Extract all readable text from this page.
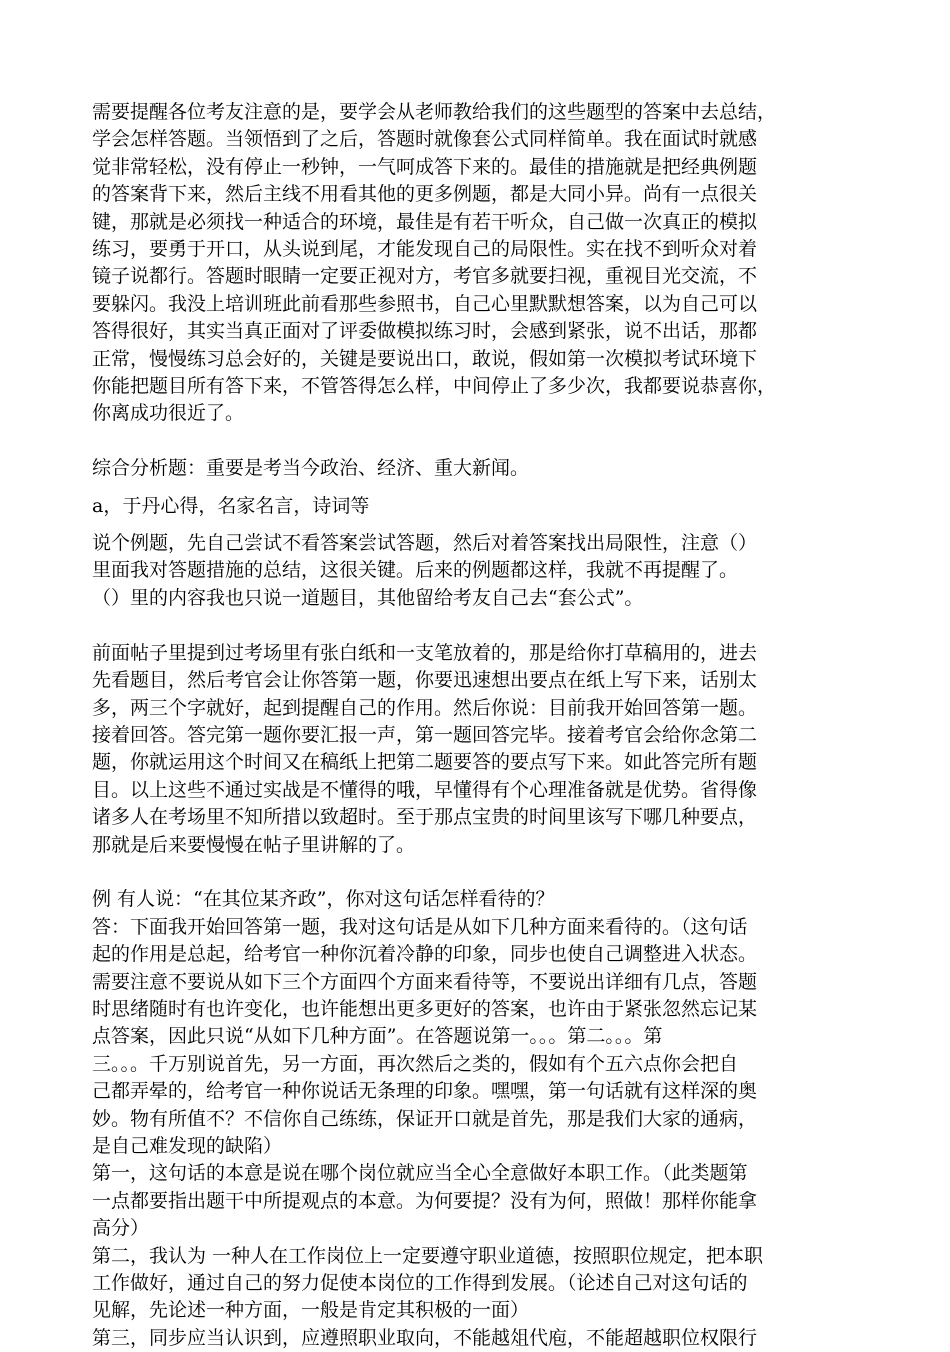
需要提醒各位考友注意的是，要学会从老师教给我们的这些题型的答案中去总结，
学会怎样答题。当领悟到了之后，答题时就像套公式同样简单。我在面试时就感
觉非常轻松，没有停止一秒钟，一气呵成答下来的。最佳的措施就是把经典例题
的答案背下来，然后主线不用看其他的更多例题，都是大同小异。尚有一点很关
键，那就是必须找一种适合的环境，最佳是有若干听众，自己做一次真正的模拟
练习，要勇于开口，从头说到尾，才能发现自己的局限性。实在找不到听众对着
镜子说都行。答题时眼睛一定要正视对方，考官多就要扫视，重视目光交流，不
要躲闪。我没上培训班此前看那些参照书，自己心里默默想答案，以为自己可以
答得很好，其实当真正面对了评委做模拟练习时，会感到紧张，说不出话，那都
正常，慢慢练习总会好的，关键是要说出口，敢说，假如第一次模拟考试环境下
你能把题目所有答下来，不管答得怎么样，中间停止了多少次，我都要说恭喜你，
你离成功很近了。

综合分析题：重要是考当今政治、经济、重大新闻。

a，于丹心得，名家名言，诗词等

说个例题，先自己尝试不看答案尝试答题，然后对着答案找出局限性，注意（）
里面我对答题措施的总结，这很关键。后来的例题都这样，我就不再提醒了。
（）里的内容我也只说一道题目，其他留给考友自己去“套公式”。

前面帖子里提到过考场里有张白纸和一支笔放着的，那是给你打草稿用的，进去
先看题目，然后考官会让你答第一题，你要迅速想出要点在纸上写下来，话别太
多，两三个字就好，起到提醒自己的作用。然后你说：目前我开始回答第一题。
接着回答。答完第一题你要汇报一声，第一题回答完毕。接着考官会给你念第二
题，你就运用这个时间又在稿纸上把第二题要答的要点写下来。如此答完所有题
目。以上这些不通过实战是不懂得的哦，早懂得有个心理准备就是优势。省得像
诸多人在考场里不知所措以致超时。至于那点宝贵的时间里该写下哪几种要点，
那就是后来要慢慢在帖子里讲解的了。

例 有人说：“在其位某齐政”，你对这句话怎样看待的？
答：下面我开始回答第一题，我对这句话是从如下几种方面来看待的。（这句话
起的作用是总起，给考官一种你沉着冷静的印象，同步也使自己调整进入状态。
需要注意不要说从如下三个方面四个方面来看待等，不要说出详细有几点，答题
时思绪随时有也许变化，也许能想出更多更好的答案，也许由于紧张忽然忘记某
点答案，因此只说“从如下几种方面”。在答题说第一。。。第二。。。第
三。。。千万别说首先，另一方面，再次然后之类的，假如有个五六点你会把自
己都弄晕的，给考官一种你说话无条理的印象。嘿嘿，第一句话就有这样深的奥
妙。物有所值不？不信你自己练练，保证开口就是首先，那是我们大家的通病，
是自己难发现的缺陷）
第一，这句话的本意是说在哪个岗位就应当全心全意做好本职工作。（此类题第
一点都要指出题干中所提观点的本意。为何要提？没有为何，照做！那样你能拿
高分）
第二，我认为 一种人在工作岗位上一定要遵守职业道德，按照职位规定，把本职
工作做好，通过自己的努力促使本岗位的工作得到发展。（论述自己对这句话的
见解，先论述一种方面，一般是肯定其积极的一面）
第三，同步应当认识到，应遵照职业取向，不能越俎代庖，不能超越职位权限行
